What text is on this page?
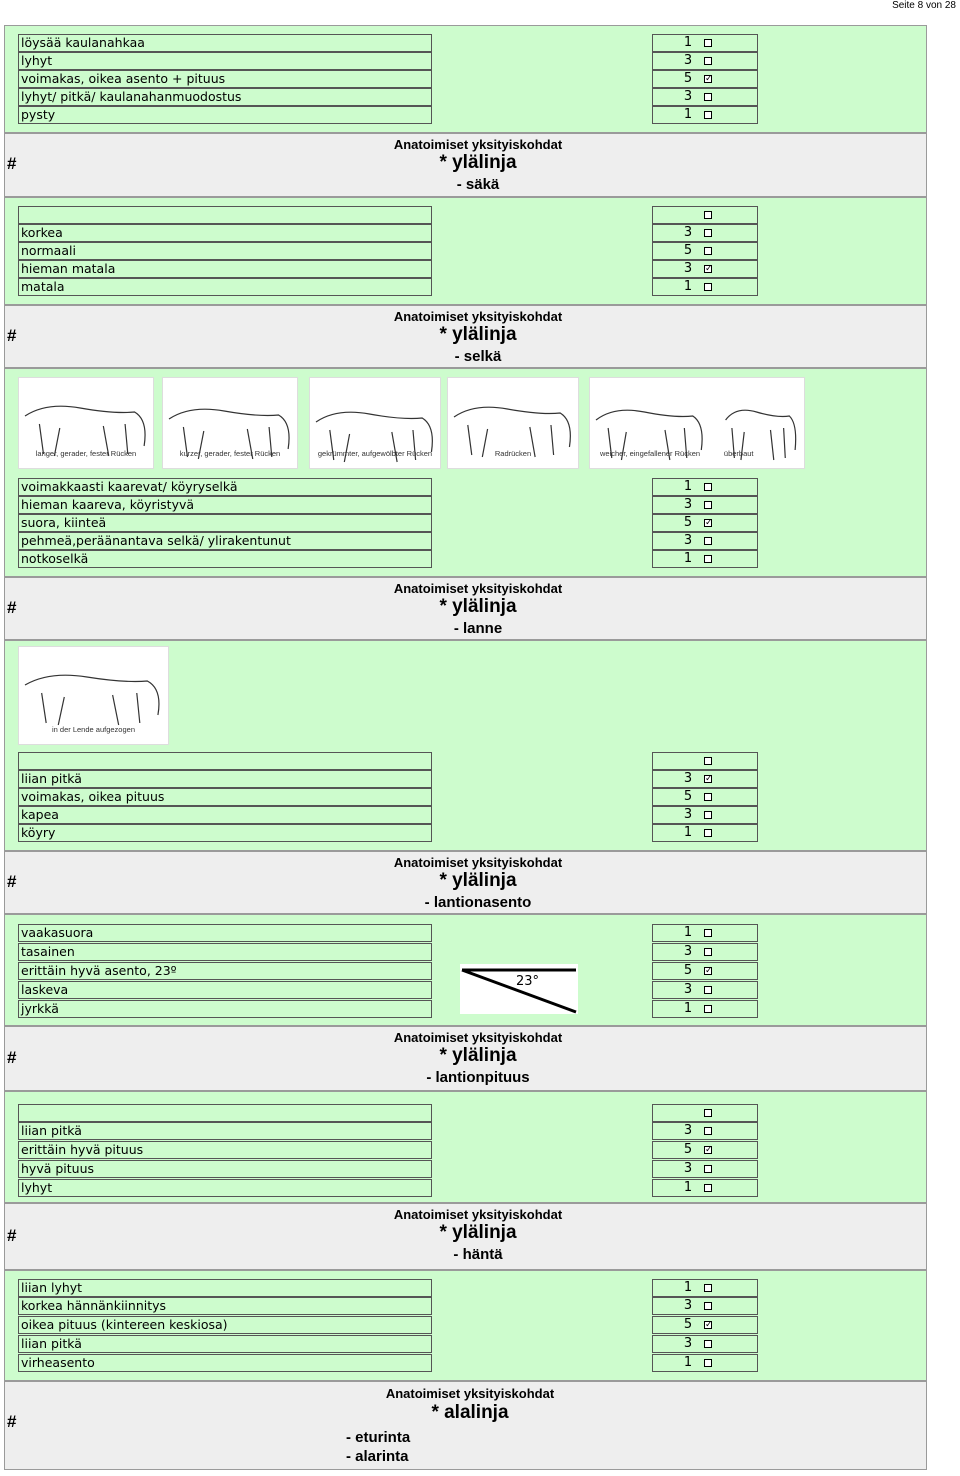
Seite 8 von 28
löysää kaulanahkaa	1
lyhyt	3
voimakas, oikea asento + pituus	5 ✓
lyhyt/ pitkä/ kaulanahanmuodostus	3
pysty	1
#
Anatoimiset yksityiskohdat
* ylälinja
- säkä
korkea	3
normaali	5
hieman matala	3 ✓
matala	1
#
Anatoimiset yksityiskohdat
* ylälinja
- selkä
langer, gerader, fester Rücken	kurzer, gerader, fester Rücken	gekrümmter, aufgewölbter Rücken	Radrücken	weicher, eingefallener Rücken	überbaut
voimakkaasti kaarevat/ köyryselkä	1
hieman kaareva, köyristyvä	3
suora, kiinteä	5 ✓
pehmeä,peräänantava selkä/ ylirakentunut	3
notkoselkä	1
#
Anatoimiset yksityiskohdat
* ylälinja
- lanne
in der Lende aufgezogen
liian pitkä	3 ✓
voimakas, oikea pituus	5
kapea	3
köyry	1
#
Anatoimiset yksityiskohdat
* ylälinja
- lantionasento
23°
vaakasuora	1
tasainen	3
erittäin hyvä asento, 23º	5 ✓
laskeva	3
jyrkkä	1
#
Anatoimiset yksityiskohdat
* ylälinja
- lantionpituus
liian pitkä	3
erittäin hyvä pituus	5 ✓
hyvä pituus	3
lyhyt	1
#
Anatoimiset yksityiskohdat
* ylälinja
- häntä
liian lyhyt	1
korkea hännänkiinnitys	3
oikea pituus (kintereen keskiosa)	5 ✓
liian pitkä	3
virheasento	1
#
Anatoimiset yksityiskohdat
* alalinja
- eturinta
- alarinta
